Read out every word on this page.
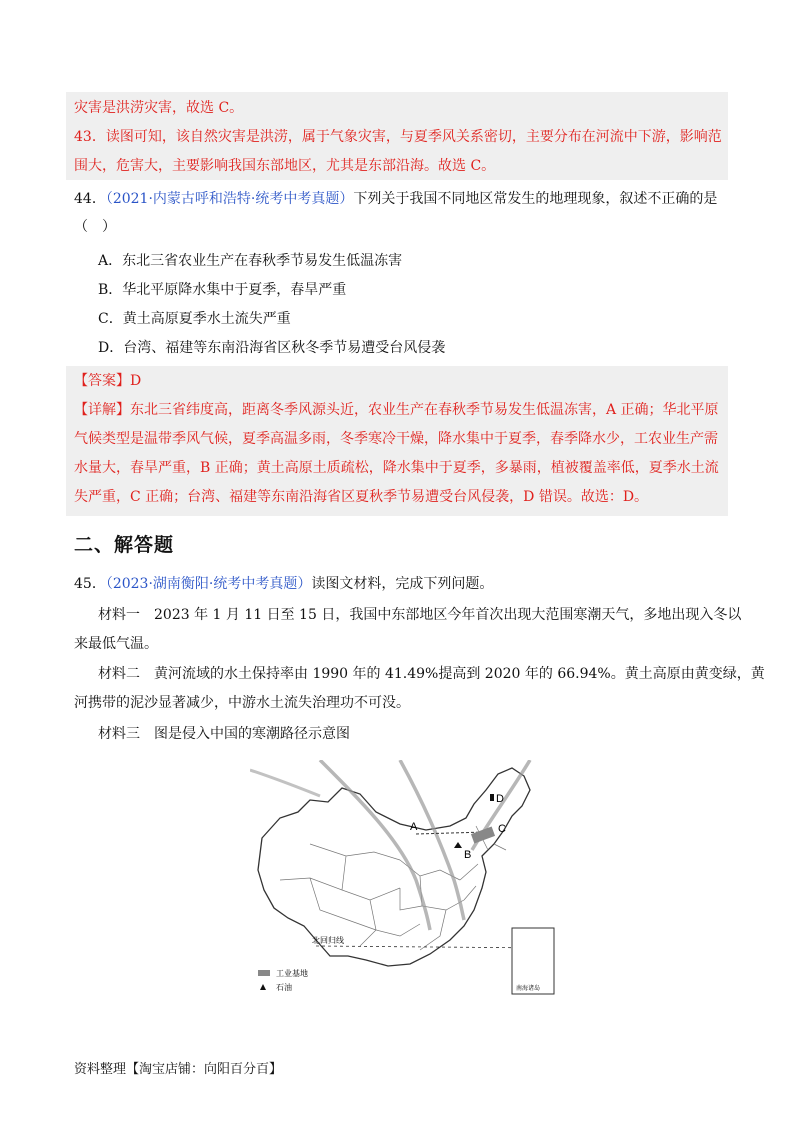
灾害是洪涝灾害，故选 C。
43．读图可知，该自然灾害是洪涝，属于气象灾害，与夏季风关系密切，主要分布在河流中下游，影响范
围大，危害大，主要影响我国东部地区，尤其是东部沿海。故选 C。
44．（2021·内蒙古呼和浩特·统考中考真题）下列关于我国不同地区常发生的地理现象，叙述不正确的是
（　）
A．东北三省农业生产在春秋季节易发生低温冻害
B．华北平原降水集中于夏季，春旱严重
C．黄土高原夏季水土流失严重
D．台湾、福建等东南沿海省区秋冬季节易遭受台风侵袭
【答案】D
【详解】东北三省纬度高，距离冬季风源头近，农业生产在春秋季节易发生低温冻害，A 正确；华北平原
气候类型是温带季风气候，夏季高温多雨，冬季寒冷干燥，降水集中于夏季，春季降水少，工农业生产需
水量大，春旱严重，B 正确；黄土高原土质疏松，降水集中于夏季，多暴雨，植被覆盖率低，夏季水土流
失严重，C 正确；台湾、福建等东南沿海省区夏秋季节易遭受台风侵袭，D 错误。故选：D。
二、解答题
45．（2023·湖南衡阳·统考中考真题）读图文材料，完成下列问题。
材料一　2023 年 1 月 11 日至 15 日，我国中东部地区今年首次出现大范围寒潮天气，多地出现入冬以
来最低气温。
材料二　黄河流域的水土保持率由 1990 年的 41.49%提高到 2020 年的 66.94%。黄土高原由黄变绿，黄
河携带的泥沙显著减少，中游水土流失治理功不可没。
材料三　图是侵入中国的寒潮路径示意图
A
B
C
D
北回归线
工业基地
石油	南海诸岛
资料整理【淘宝店铺：向阳百分百】
